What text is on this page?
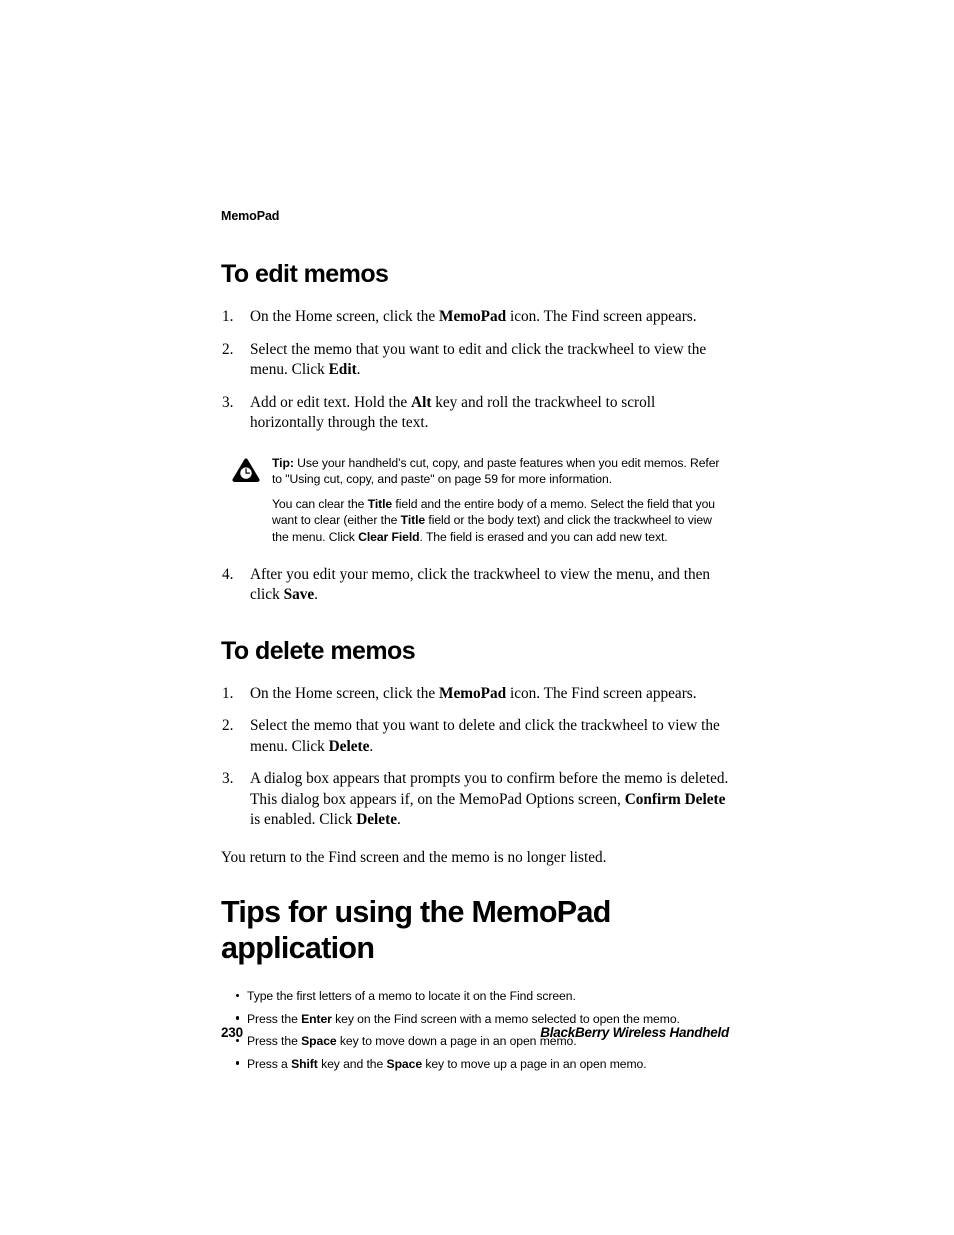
MemoPad
To edit memos
1. On the Home screen, click the MemoPad icon. The Find screen appears.
2. Select the memo that you want to edit and click the trackwheel to view the menu. Click Edit.
3. Add or edit text. Hold the Alt key and roll the trackwheel to scroll horizontally through the text.

Tip: Use your handheld’s cut, copy, and paste features when you edit memos. Refer to "Using cut, copy, and paste" on page 59 for more information.

You can clear the Title field and the entire body of a memo. Select the field that you want to clear (either the Title field or the body text) and click the trackwheel to view the menu. Click Clear Field. The field is erased and you can add new text.

4. After you edit your memo, click the trackwheel to view the menu, and then click Save.
To delete memos
1. On the Home screen, click the MemoPad icon. The Find screen appears.
2. Select the memo that you want to delete and click the trackwheel to view the menu. Click Delete.
3. A dialog box appears that prompts you to confirm before the memo is deleted. This dialog box appears if, on the MemoPad Options screen, Confirm Delete is enabled. Click Delete.

You return to the Find screen and the memo is no longer listed.

Tips for using the MemoPad application
Type the first letters of a memo to locate it on the Find screen.
Press the Enter key on the Find screen with a memo selected to open the memo.
Press the Space key to move down a page in an open memo.
Press a Shift key and the Space key to move up a page in an open memo.
230	BlackBerry Wireless Handheld
